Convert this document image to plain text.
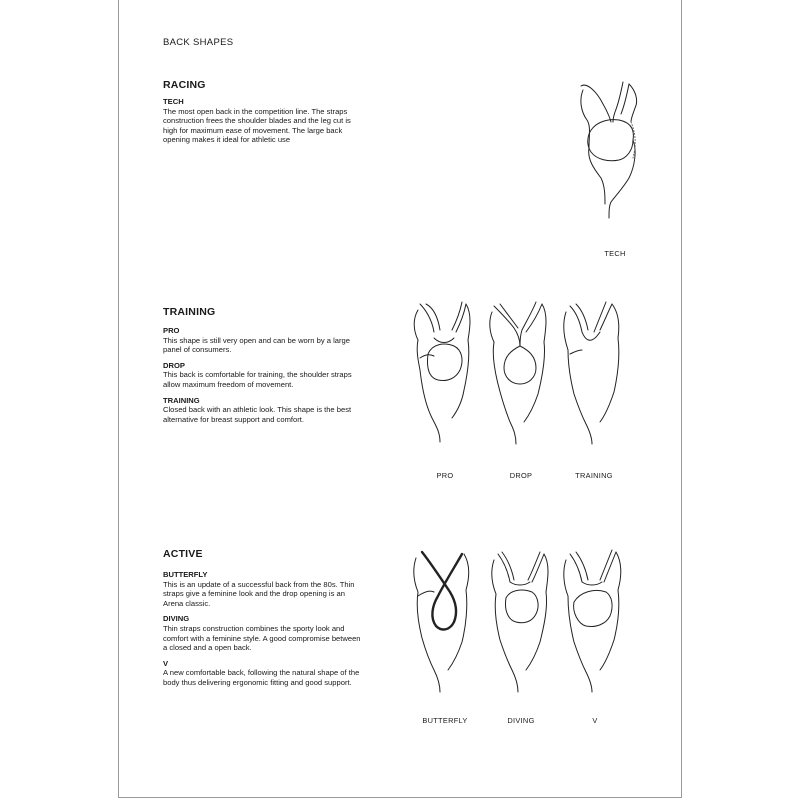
BACK SHAPES
RACING
TECH

The most open back in the competition line. The straps construction frees the shoulder blades and the leg cut is high for maximum ease of movement. The large back opening makes it ideal for athletic use

TRAINING
PRO

This shape is still very open and can be worn by a large panel of consumers.

DROP

This back is comfortable for training, the shoulder straps allow maximum freedom of movement.

TRAINING

Closed back with an athletic look. This shape is the best alternative for breast support and comfort.

ACTIVE
BUTTERFLY

This is an update of a successful back from the 80s. Thin straps give a feminine look and the drop opening is an Arena classic.

DIVING

Thin straps construction combines the sporty look and comfort with a feminine style. A good compromise between a closed and a open back.

V

A new comfortable back, following the natural shape of the body thus delivering ergonomic fitting and good support.

TECH
PRO	DROP	TRAINING
BUTTERFLY	DIVING	V
